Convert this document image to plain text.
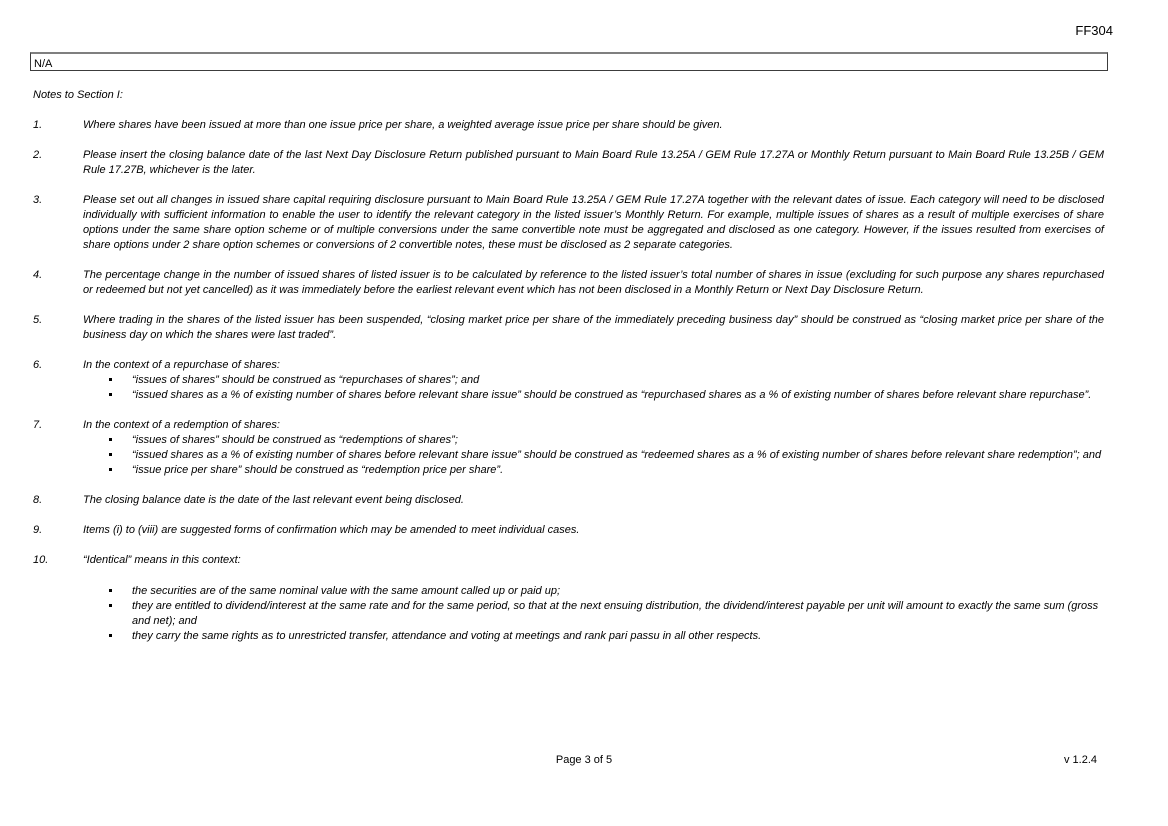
FF304
N/A
Notes to Section I:
1.	Where shares have been issued at more than one issue price per share, a weighted average issue price per share should be given.
2.	Please insert the closing balance date of the last Next Day Disclosure Return published pursuant to Main Board Rule 13.25A / GEM Rule 17.27A or Monthly Return pursuant to Main Board Rule 13.25B / GEM Rule 17.27B, whichever is the later.
3.	Please set out all changes in issued share capital requiring disclosure pursuant to Main Board Rule 13.25A / GEM Rule 17.27A together with the relevant dates of issue. Each category will need to be disclosed individually with sufficient information to enable the user to identify the relevant category in the listed issuer’s Monthly Return. For example, multiple issues of shares as a result of multiple exercises of share options under the same share option scheme or of multiple conversions under the same convertible note must be aggregated and disclosed as one category. However, if the issues resulted from exercises of share options under 2 share option schemes or conversions of 2 convertible notes, these must be disclosed as 2 separate categories.
4.	The percentage change in the number of issued shares of listed issuer is to be calculated by reference to the listed issuer’s total number of shares in issue (excluding for such purpose any shares repurchased or redeemed but not yet cancelled) as it was immediately before the earliest relevant event which has not been disclosed in a Monthly Return or Next Day Disclosure Return.
5.	Where trading in the shares of the listed issuer has been suspended, “closing market price per share of the immediately preceding business day” should be construed as “closing market price per share of the business day on which the shares were last traded”.
6.	In the context of a repurchase of shares:
“issues of shares” should be construed as “repurchases of shares”; and
“issued shares as a % of existing number of shares before relevant share issue” should be construed as “repurchased shares as a % of existing number of shares before relevant share repurchase”.
7.	In the context of a redemption of shares:
“issues of shares” should be construed as “redemptions of shares”;
“issued shares as a % of existing number of shares before relevant share issue” should be construed as “redeemed shares as a % of existing number of shares before relevant share redemption”; and
“issue price per share” should be construed as “redemption price per share”.
8.	The closing balance date is the date of the last relevant event being disclosed.
9.	Items (i) to (viii) are suggested forms of confirmation which may be amended to meet individual cases.
10.	“Identical” means in this context:
the securities are of the same nominal value with the same amount called up or paid up;
they are entitled to dividend/interest at the same rate and for the same period, so that at the next ensuing distribution, the dividend/interest payable per unit will amount to exactly the same sum (gross and net); and
they carry the same rights as to unrestricted transfer, attendance and voting at meetings and rank pari passu in all other respects.
Page 3 of 5	v 1.2.4
